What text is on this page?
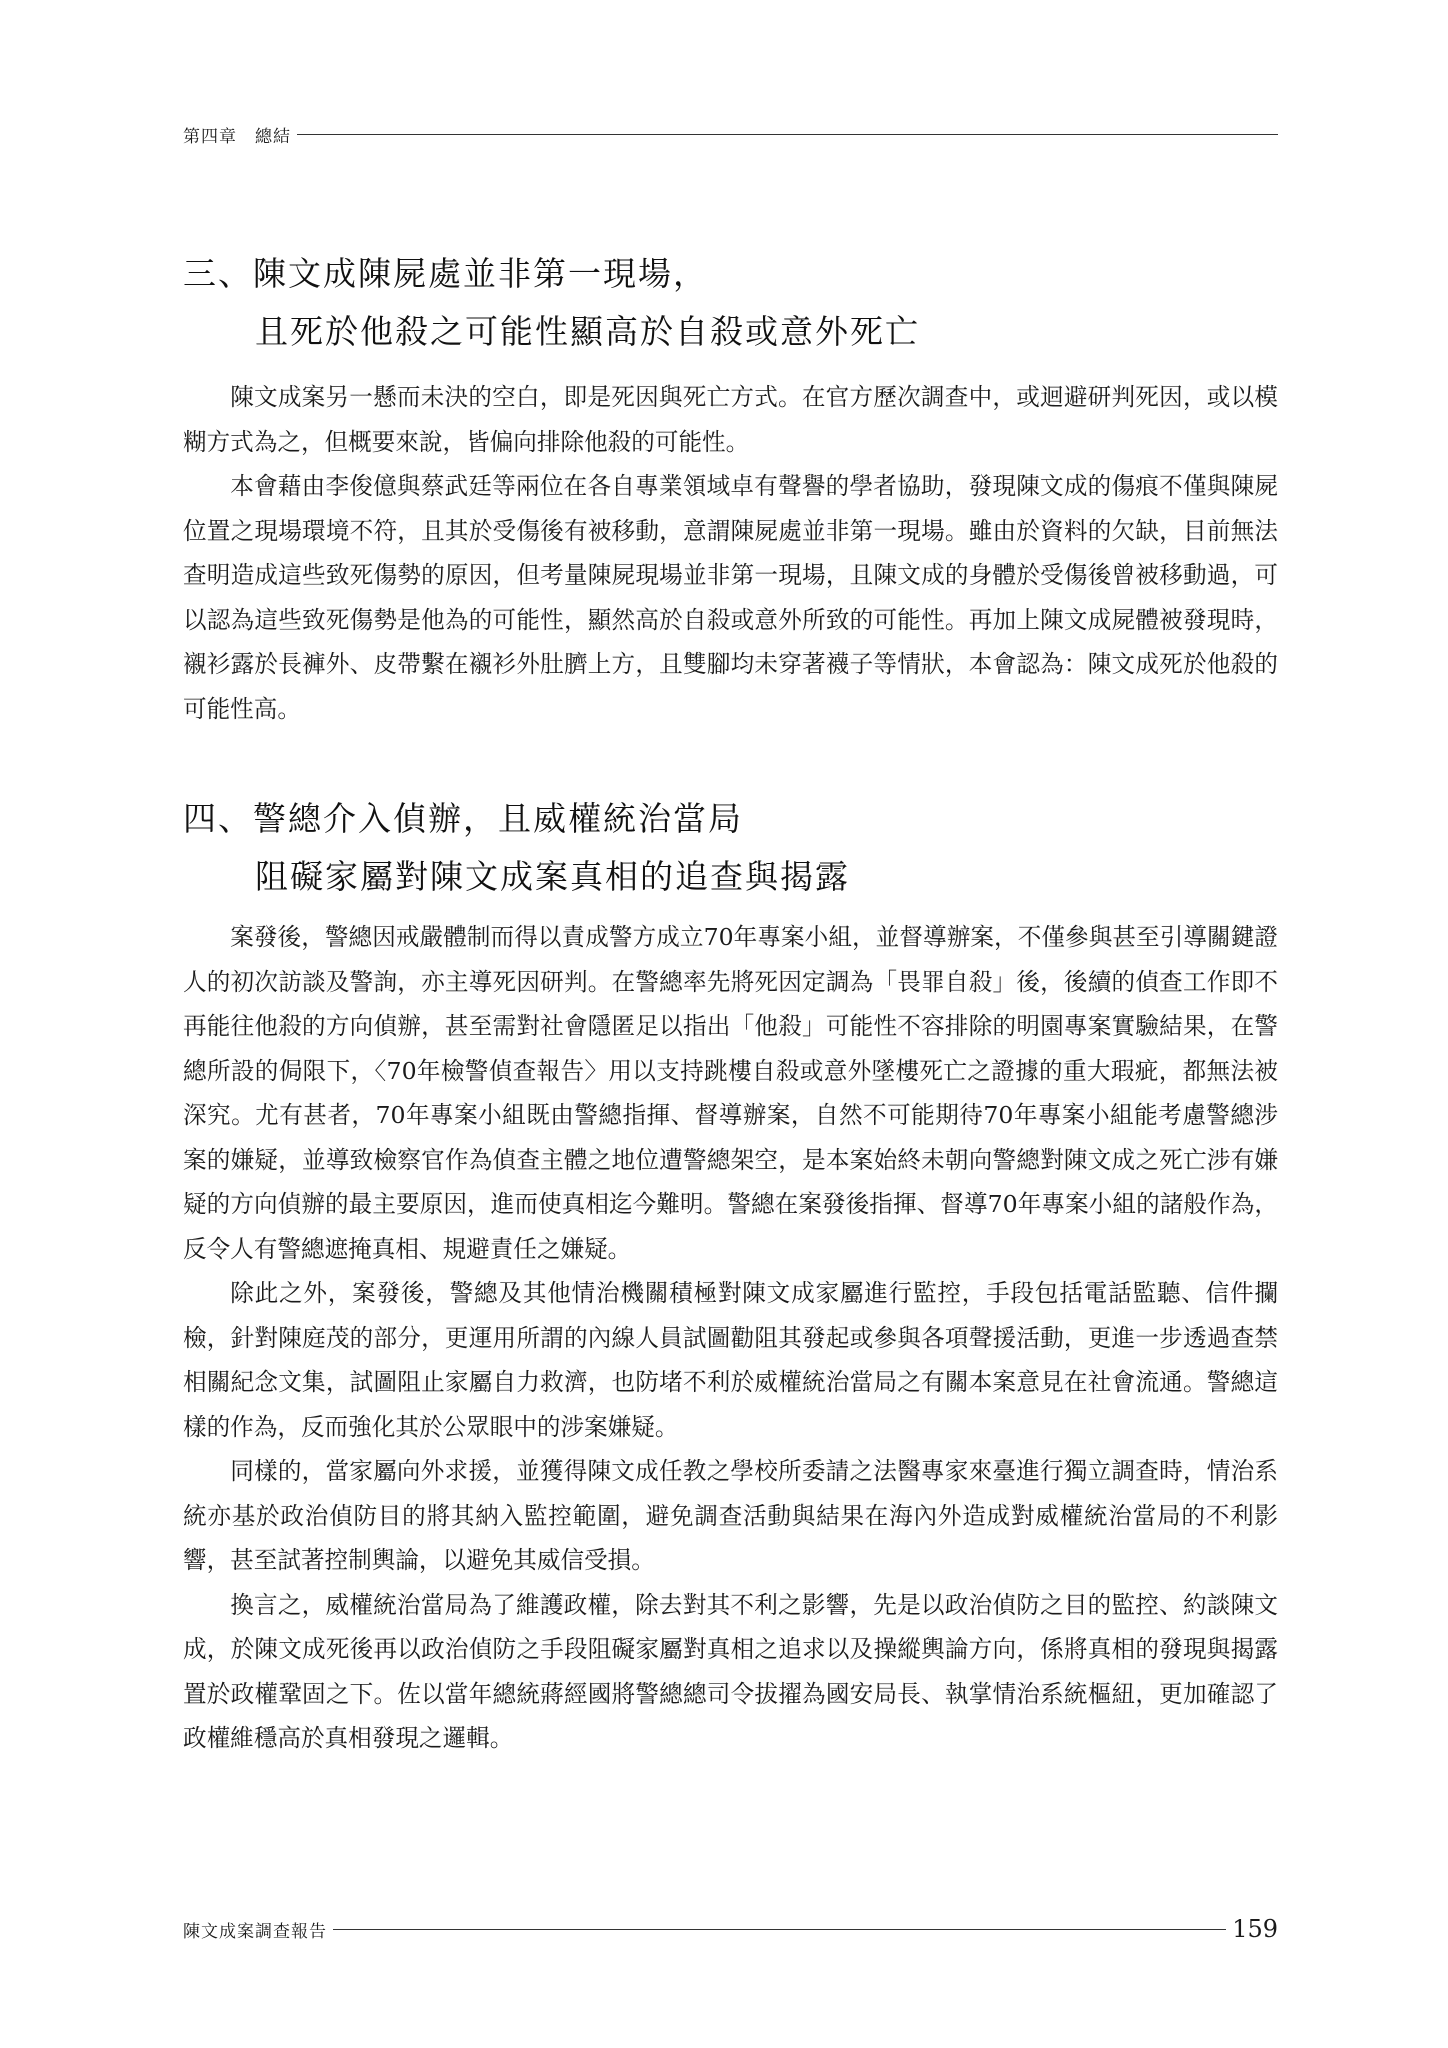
第四章　總結
三、陳文成陳屍處並非第一現場，
且死於他殺之可能性顯高於自殺或意外死亡

陳文成案另一懸而未決的空白，即是死因與死亡方式。在官方歷次調查中，或迴避研判死因，或以模糊方式為之，但概要來說，皆偏向排除他殺的可能性。

本會藉由李俊億與蔡武廷等兩位在各自專業領域卓有聲譽的學者協助，發現陳文成的傷痕不僅與陳屍位置之現場環境不符，且其於受傷後有被移動，意謂陳屍處並非第一現場。雖由於資料的欠缺，目前無法查明造成這些致死傷勢的原因，但考量陳屍現場並非第一現場，且陳文成的身體於受傷後曾被移動過，可以認為這些致死傷勢是他為的可能性，顯然高於自殺或意外所致的可能性。再加上陳文成屍體被發現時，襯衫露於長褲外、皮帶繫在襯衫外肚臍上方，且雙腳均未穿著襪子等情狀，本會認為：陳文成死於他殺的可能性高。

四、警總介入偵辦，且威權統治當局
阻礙家屬對陳文成案真相的追查與揭露

案發後，警總因戒嚴體制而得以責成警方成立70年專案小組，並督導辦案，不僅參與甚至引導關鍵證人的初次訪談及警詢，亦主導死因研判。在警總率先將死因定調為「畏罪自殺」後，後續的偵查工作即不再能往他殺的方向偵辦，甚至需對社會隱匿足以指出「他殺」可能性不容排除的明園專案實驗結果，在警總所設的侷限下，〈70年檢警偵查報告〉用以支持跳樓自殺或意外墜樓死亡之證據的重大瑕疵，都無法被深究。尤有甚者，70年專案小組既由警總指揮、督導辦案，自然不可能期待70年專案小組能考慮警總涉案的嫌疑，並導致檢察官作為偵查主體之地位遭警總架空，是本案始終未朝向警總對陳文成之死亡涉有嫌疑的方向偵辦的最主要原因，進而使真相迄今難明。警總在案發後指揮、督導70年專案小組的諸般作為，反令人有警總遮掩真相、規避責任之嫌疑。

除此之外，案發後，警總及其他情治機關積極對陳文成家屬進行監控，手段包括電話監聽、信件攔檢，針對陳庭茂的部分，更運用所謂的內線人員試圖勸阻其發起或參與各項聲援活動，更進一步透過查禁相關紀念文集，試圖阻止家屬自力救濟，也防堵不利於威權統治當局之有關本案意見在社會流通。警總這樣的作為，反而強化其於公眾眼中的涉案嫌疑。

同樣的，當家屬向外求援，並獲得陳文成任教之學校所委請之法醫專家來臺進行獨立調查時，情治系統亦基於政治偵防目的將其納入監控範圍，避免調查活動與結果在海內外造成對威權統治當局的不利影響，甚至試著控制輿論，以避免其威信受損。

換言之，威權統治當局為了維護政權，除去對其不利之影響，先是以政治偵防之目的監控、約談陳文成，於陳文成死後再以政治偵防之手段阻礙家屬對真相之追求以及操縱輿論方向，係將真相的發現與揭露置於政權鞏固之下。佐以當年總統蔣經國將警總總司令拔擢為國安局長、執掌情治系統樞紐，更加確認了政權維穩高於真相發現之邏輯。

陳文成案調查報告	159
